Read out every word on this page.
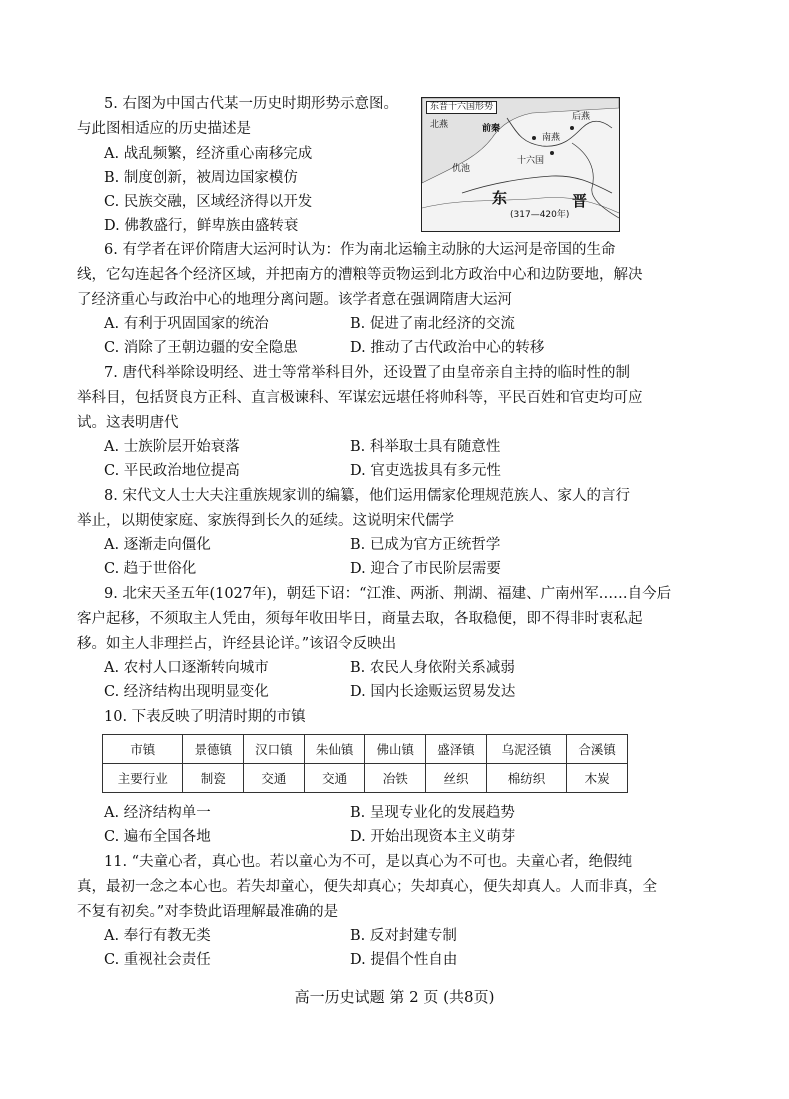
5. 右图为中国古代某一历史时期形势示意图。
与此图相适应的历史描述是
A. 战乱频繁，经济重心南移完成
B. 制度创新，被周边国家模仿
C. 民族交融，区域经济得以开发
D. 佛教盛行，鲜卑族由盛转衰
东晋十六国形势
北燕	前秦
南燕
后燕
仇池
十六国
东	晋
(317—420年)
6. 有学者在评价隋唐大运河时认为：作为南北运输主动脉的大运河是帝国的生命
线，它勾连起各个经济区域，并把南方的漕粮等贡物运到北方政治中心和边防要地，解决
了经济重心与政治中心的地理分离问题。该学者意在强调隋唐大运河
A. 有利于巩固国家的统治	B. 促进了南北经济的交流
C. 消除了王朝边疆的安全隐患	D. 推动了古代政治中心的转移
7. 唐代科举除设明经、进士等常举科目外，还设置了由皇帝亲自主持的临时性的制
举科目，包括贤良方正科、直言极谏科、军谋宏远堪任将帅科等，平民百姓和官吏均可应
试。这表明唐代
A. 士族阶层开始衰落	B. 科举取士具有随意性
C. 平民政治地位提高	D. 官吏选拔具有多元性
8. 宋代文人士大夫注重族规家训的编纂，他们运用儒家伦理规范族人、家人的言行
举止，以期使家庭、家族得到长久的延续。这说明宋代儒学
A. 逐渐走向僵化	B. 已成为官方正统哲学
C. 趋于世俗化	D. 迎合了市民阶层需要
9. 北宋天圣五年(1027年)，朝廷下诏：“江淮、两浙、荆湖、福建、广南州军……自今后
客户起移，不须取主人凭由，须每年收田毕日，商量去取，各取稳便，即不得非时衷私起
移。如主人非理拦占，许经县论详。”该诏令反映出
A. 农村人口逐渐转向城市	B. 农民人身依附关系减弱
C. 经济结构出现明显变化	D. 国内长途贩运贸易发达
10. 下表反映了明清时期的市镇
市镇	景德镇	汉口镇	朱仙镇	佛山镇	盛泽镇	乌泥泾镇	合溪镇
主要行业	制瓷	交通	交通	冶铁	丝织	棉纺织	木炭
A. 经济结构单一	B. 呈现专业化的发展趋势
C. 遍布全国各地	D. 开始出现资本主义萌芽
11. “夫童心者，真心也。若以童心为不可，是以真心为不可也。夫童心者，绝假纯
真，最初一念之本心也。若失却童心，便失却真心；失却真心，便失却真人。人而非真，全
不复有初矣。”对李贽此语理解最准确的是
A. 奉行有教无类	B. 反对封建专制
C. 重视社会责任	D. 提倡个性自由
高一历史试题 第 2 页 (共8页)
